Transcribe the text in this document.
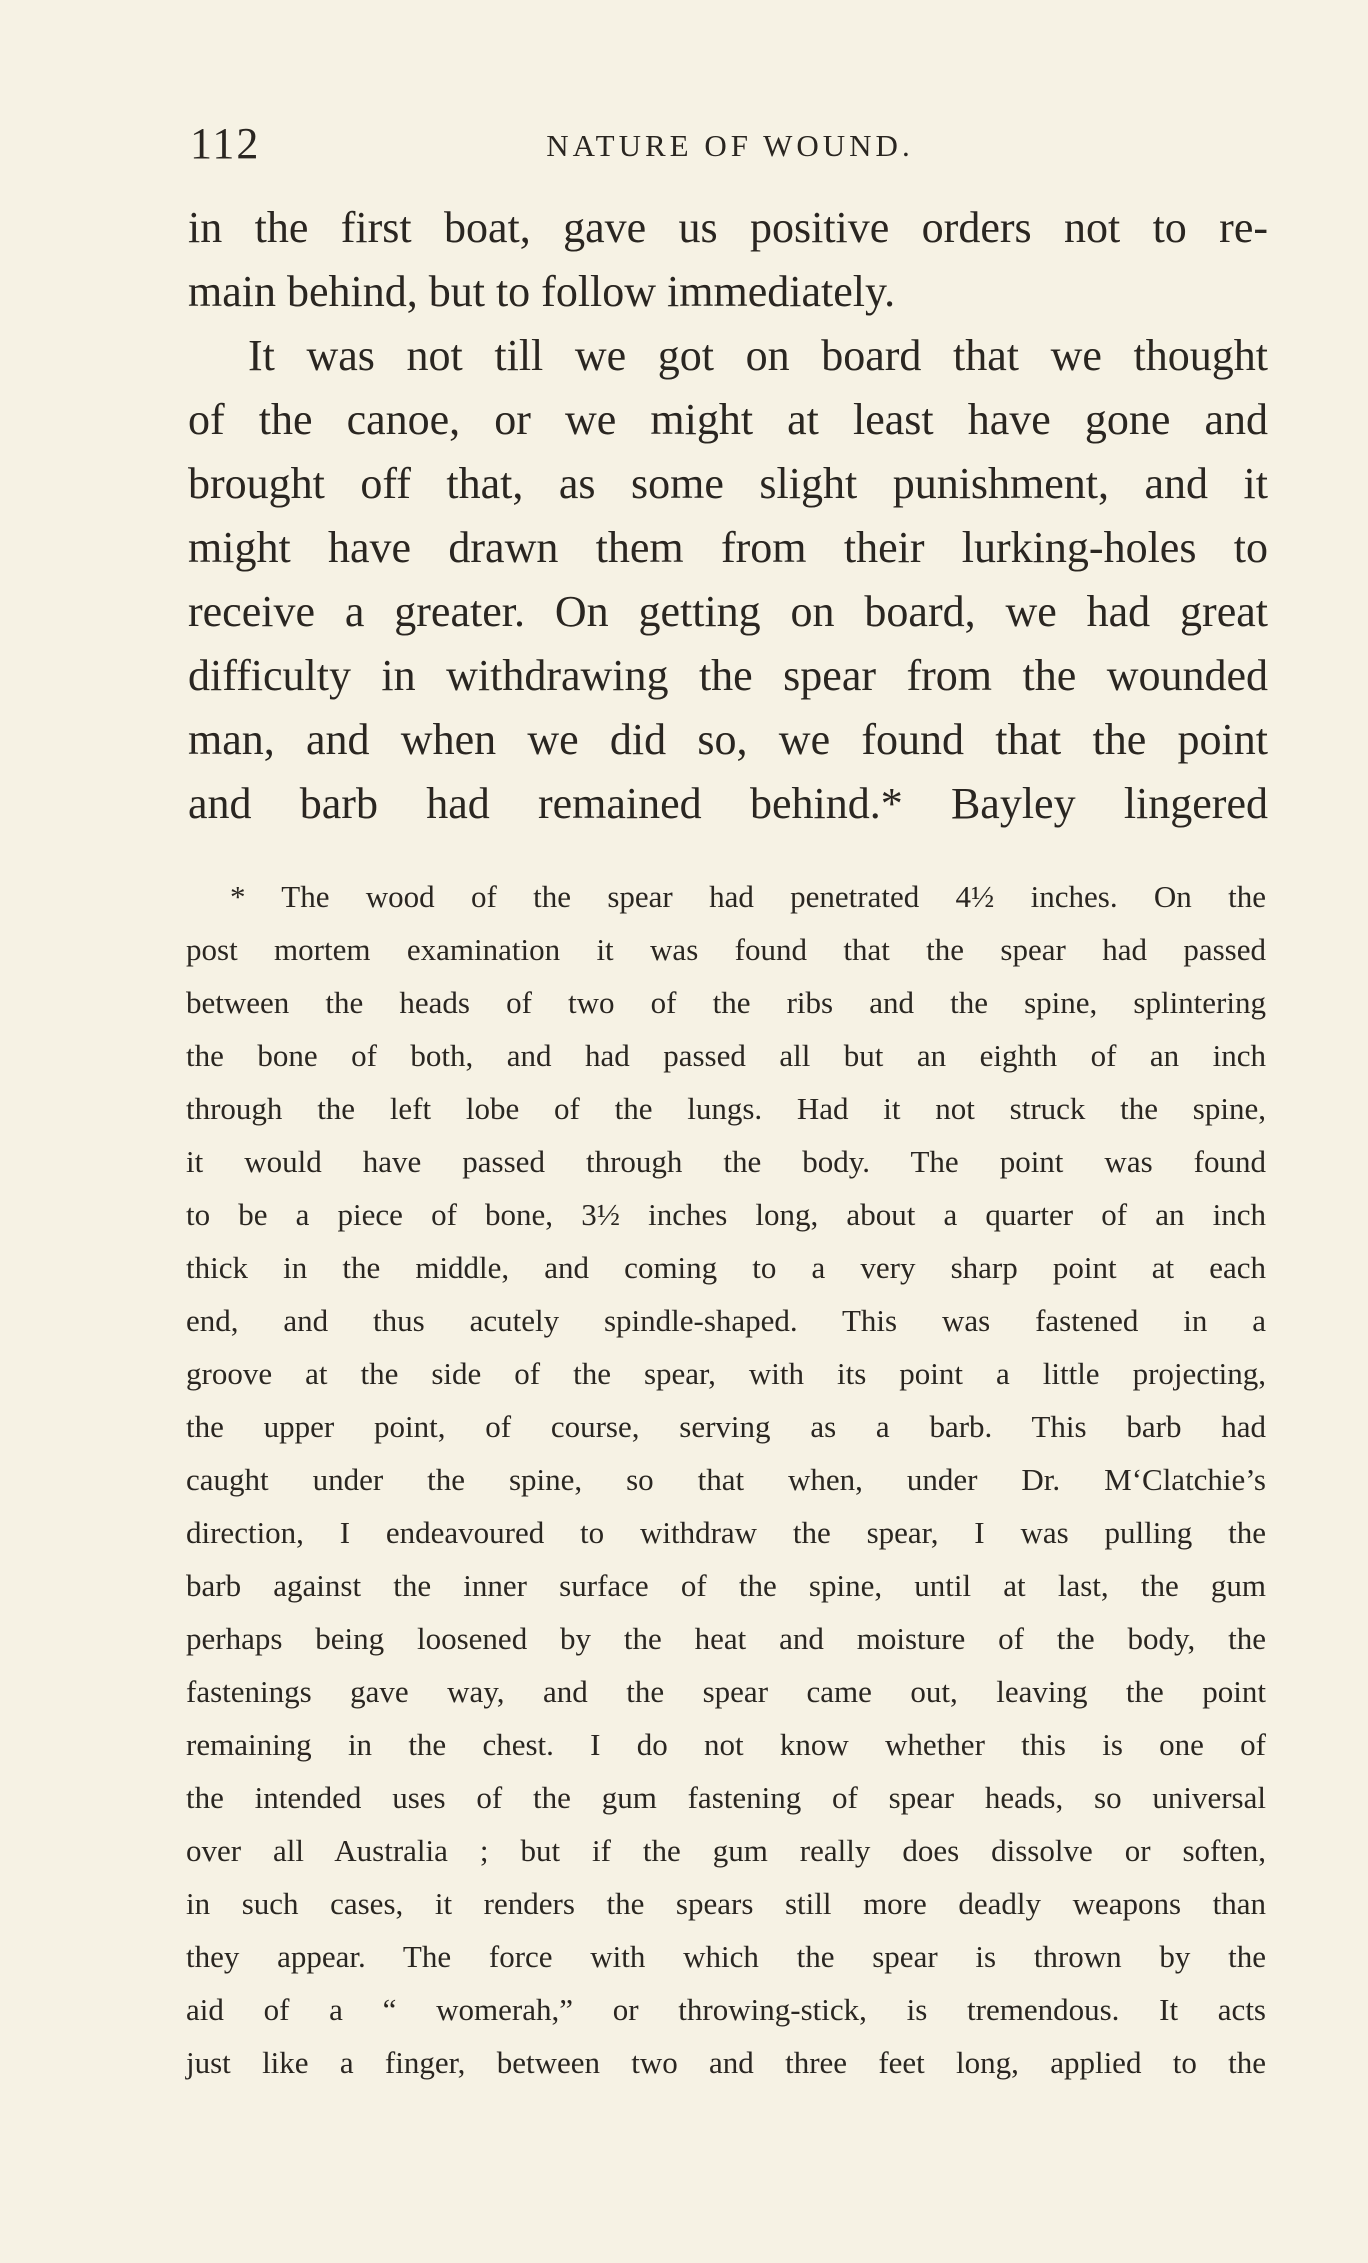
112	NATURE OF WOUND.
in the first boat, gave us positive orders not to re-
main behind, but to follow immediately.
It was not till we got on board that we thought
of the canoe, or we might at least have gone and
brought off that, as some slight punishment, and it
might have drawn them from their lurking-holes to
receive a greater. On getting on board, we had great
difficulty in withdrawing the spear from the wounded
man, and when we did so, we found that the point
and barb had remained behind.* Bayley lingered
* The wood of the spear had penetrated 4½ inches. On the
post mortem examination it was found that the spear had passed
between the heads of two of the ribs and the spine, splintering
the bone of both, and had passed all but an eighth of an inch
through the left lobe of the lungs. Had it not struck the spine,
it would have passed through the body. The point was found
to be a piece of bone, 3½ inches long, about a quarter of an inch
thick in the middle, and coming to a very sharp point at each
end, and thus acutely spindle-shaped. This was fastened in a
groove at the side of the spear, with its point a little projecting,
the upper point, of course, serving as a barb. This barb had
caught under the spine, so that when, under Dr. M‘Clatchie’s
direction, I endeavoured to withdraw the spear, I was pulling the
barb against the inner surface of the spine, until at last, the gum
perhaps being loosened by the heat and moisture of the body, the
fastenings gave way, and the spear came out, leaving the point
remaining in the chest. I do not know whether this is one of
the intended uses of the gum fastening of spear heads, so universal
over all Australia ; but if the gum really does dissolve or soften,
in such cases, it renders the spears still more deadly weapons than
they appear. The force with which the spear is thrown by the
aid of a “ womerah,” or throwing-stick, is tremendous. It acts
just like a finger, between two and three feet long, applied to the
